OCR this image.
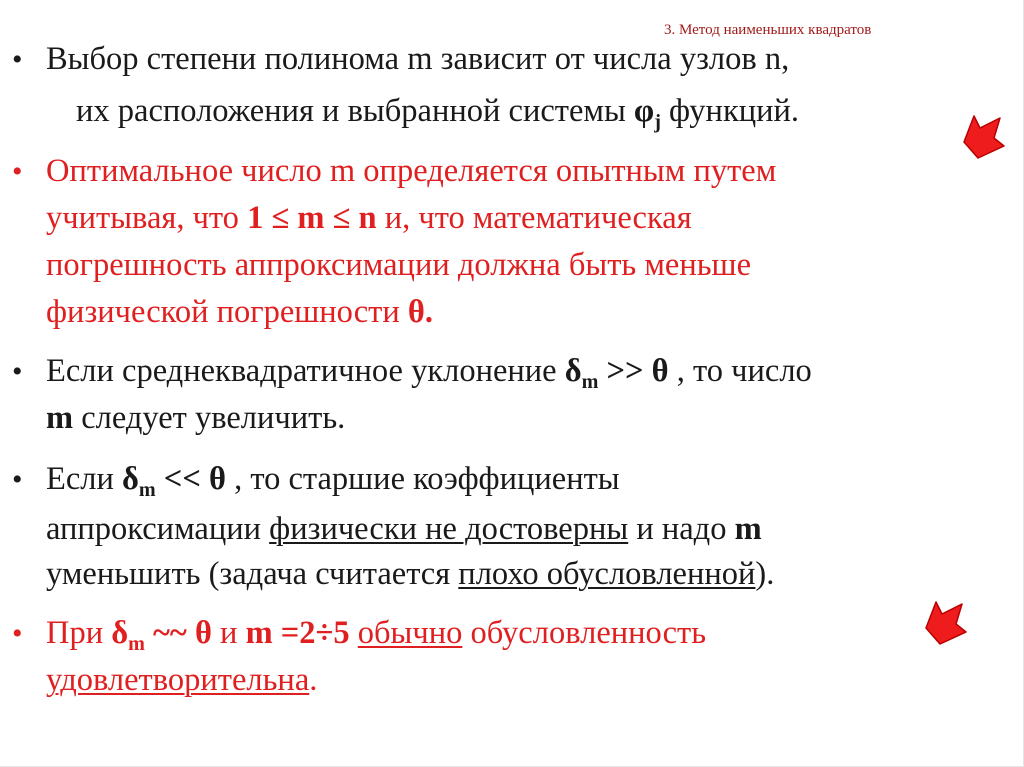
3. Метод наименьших квадратов
• Выбор степени полинома m зависит от числа узлов n,
их расположения и выбранной системы $\varphi_j$ функций.
• Оптимальное число m определяется опытным путем
учитывая, что 1 ≤ m ≤ n и, что математическая
погрешность аппроксимации должна быть меньше
физической погрешности θ.
• Если среднеквадратичное уклонение $\delta_m >> \theta$ , то число
m следует увеличить.
• Если $\delta_m << \theta$ , то старшие коэффициенты
аппроксимации физически не достоверны и надо m
уменьшить (задача считается плохо обусловленной).
• При $\delta_m$ ~~ θ и m =2÷5 обычно обусловленность
удовлетворительна.
